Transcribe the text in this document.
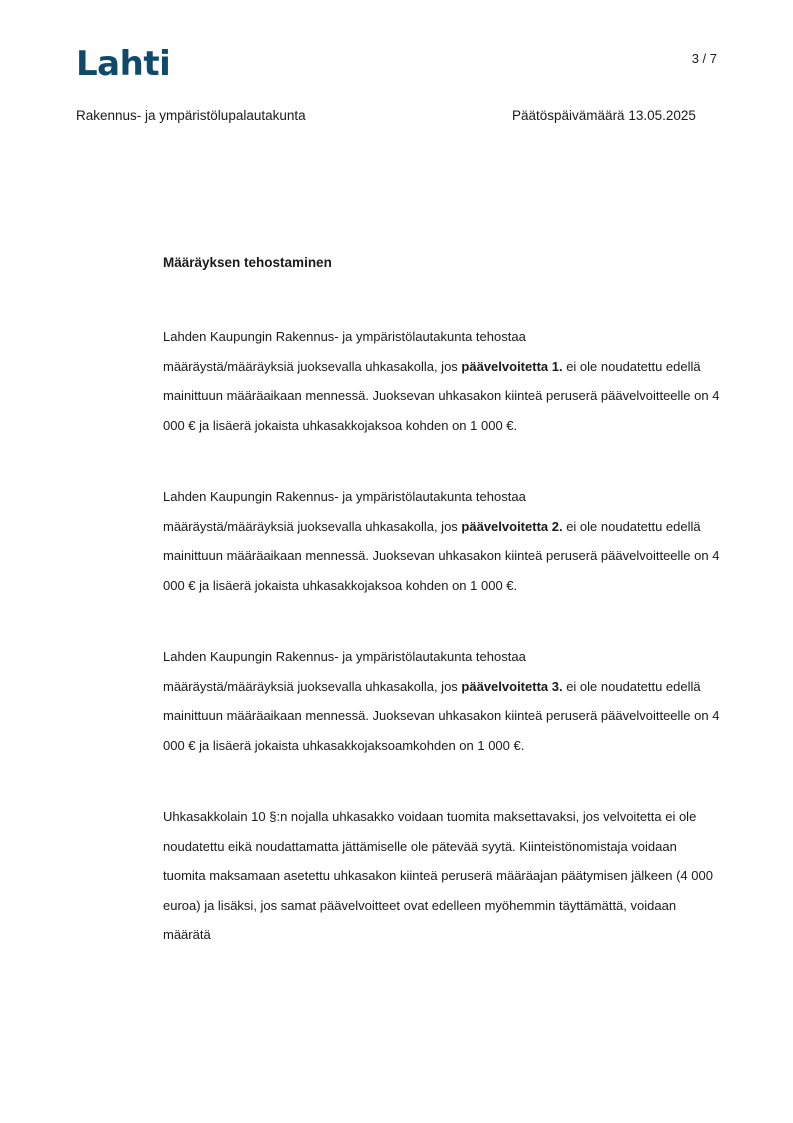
Lahti	3 / 7
Rakennus- ja ympäristölupalautakunta	Päätöspäivämäärä 13.05.2025

Määräyksen tehostaminen

Lahden Kaupungin Rakennus- ja ympäristölautakunta tehostaa
määräystä/määräyksiä juoksevalla uhkasakolla, jos päävelvoitetta 1. ei ole noudatettu edellä mainittuun määräaikaan mennessä. Juoksevan uhkasakon kiinteä peruserä päävelvoitteelle on 4 000 € ja lisäerä jokaista uhkasakkojaksoa kohden on 1 000 €.

Lahden Kaupungin Rakennus- ja ympäristölautakunta tehostaa
määräystä/määräyksiä juoksevalla uhkasakolla, jos päävelvoitetta 2. ei ole noudatettu edellä mainittuun määräaikaan mennessä. Juoksevan uhkasakon kiinteä peruserä päävelvoitteelle on 4 000 € ja lisäerä jokaista uhkasakkojaksoa kohden on 1 000 €.

Lahden Kaupungin Rakennus- ja ympäristölautakunta tehostaa
määräystä/määräyksiä juoksevalla uhkasakolla, jos päävelvoitetta 3. ei ole noudatettu edellä mainittuun määräaikaan mennessä. Juoksevan uhkasakon kiinteä peruserä päävelvoitteelle on 4 000 € ja lisäerä jokaista uhkasakkojaksoamkohden on 1 000 €.

Uhkasakkolain 10 §:n nojalla uhkasakko voidaan tuomita maksettavaksi, jos velvoitetta ei ole noudatettu eikä noudattamatta jättämiselle ole pätevää syytä. Kiinteistönomistaja voidaan tuomita maksamaan asetettu uhkasakon kiinteä peruserä määräajan päätymisen jälkeen (4 000 euroa) ja lisäksi, jos samat päävelvoitteet ovat edelleen myöhemmin täyttämättä, voidaan määrätä
